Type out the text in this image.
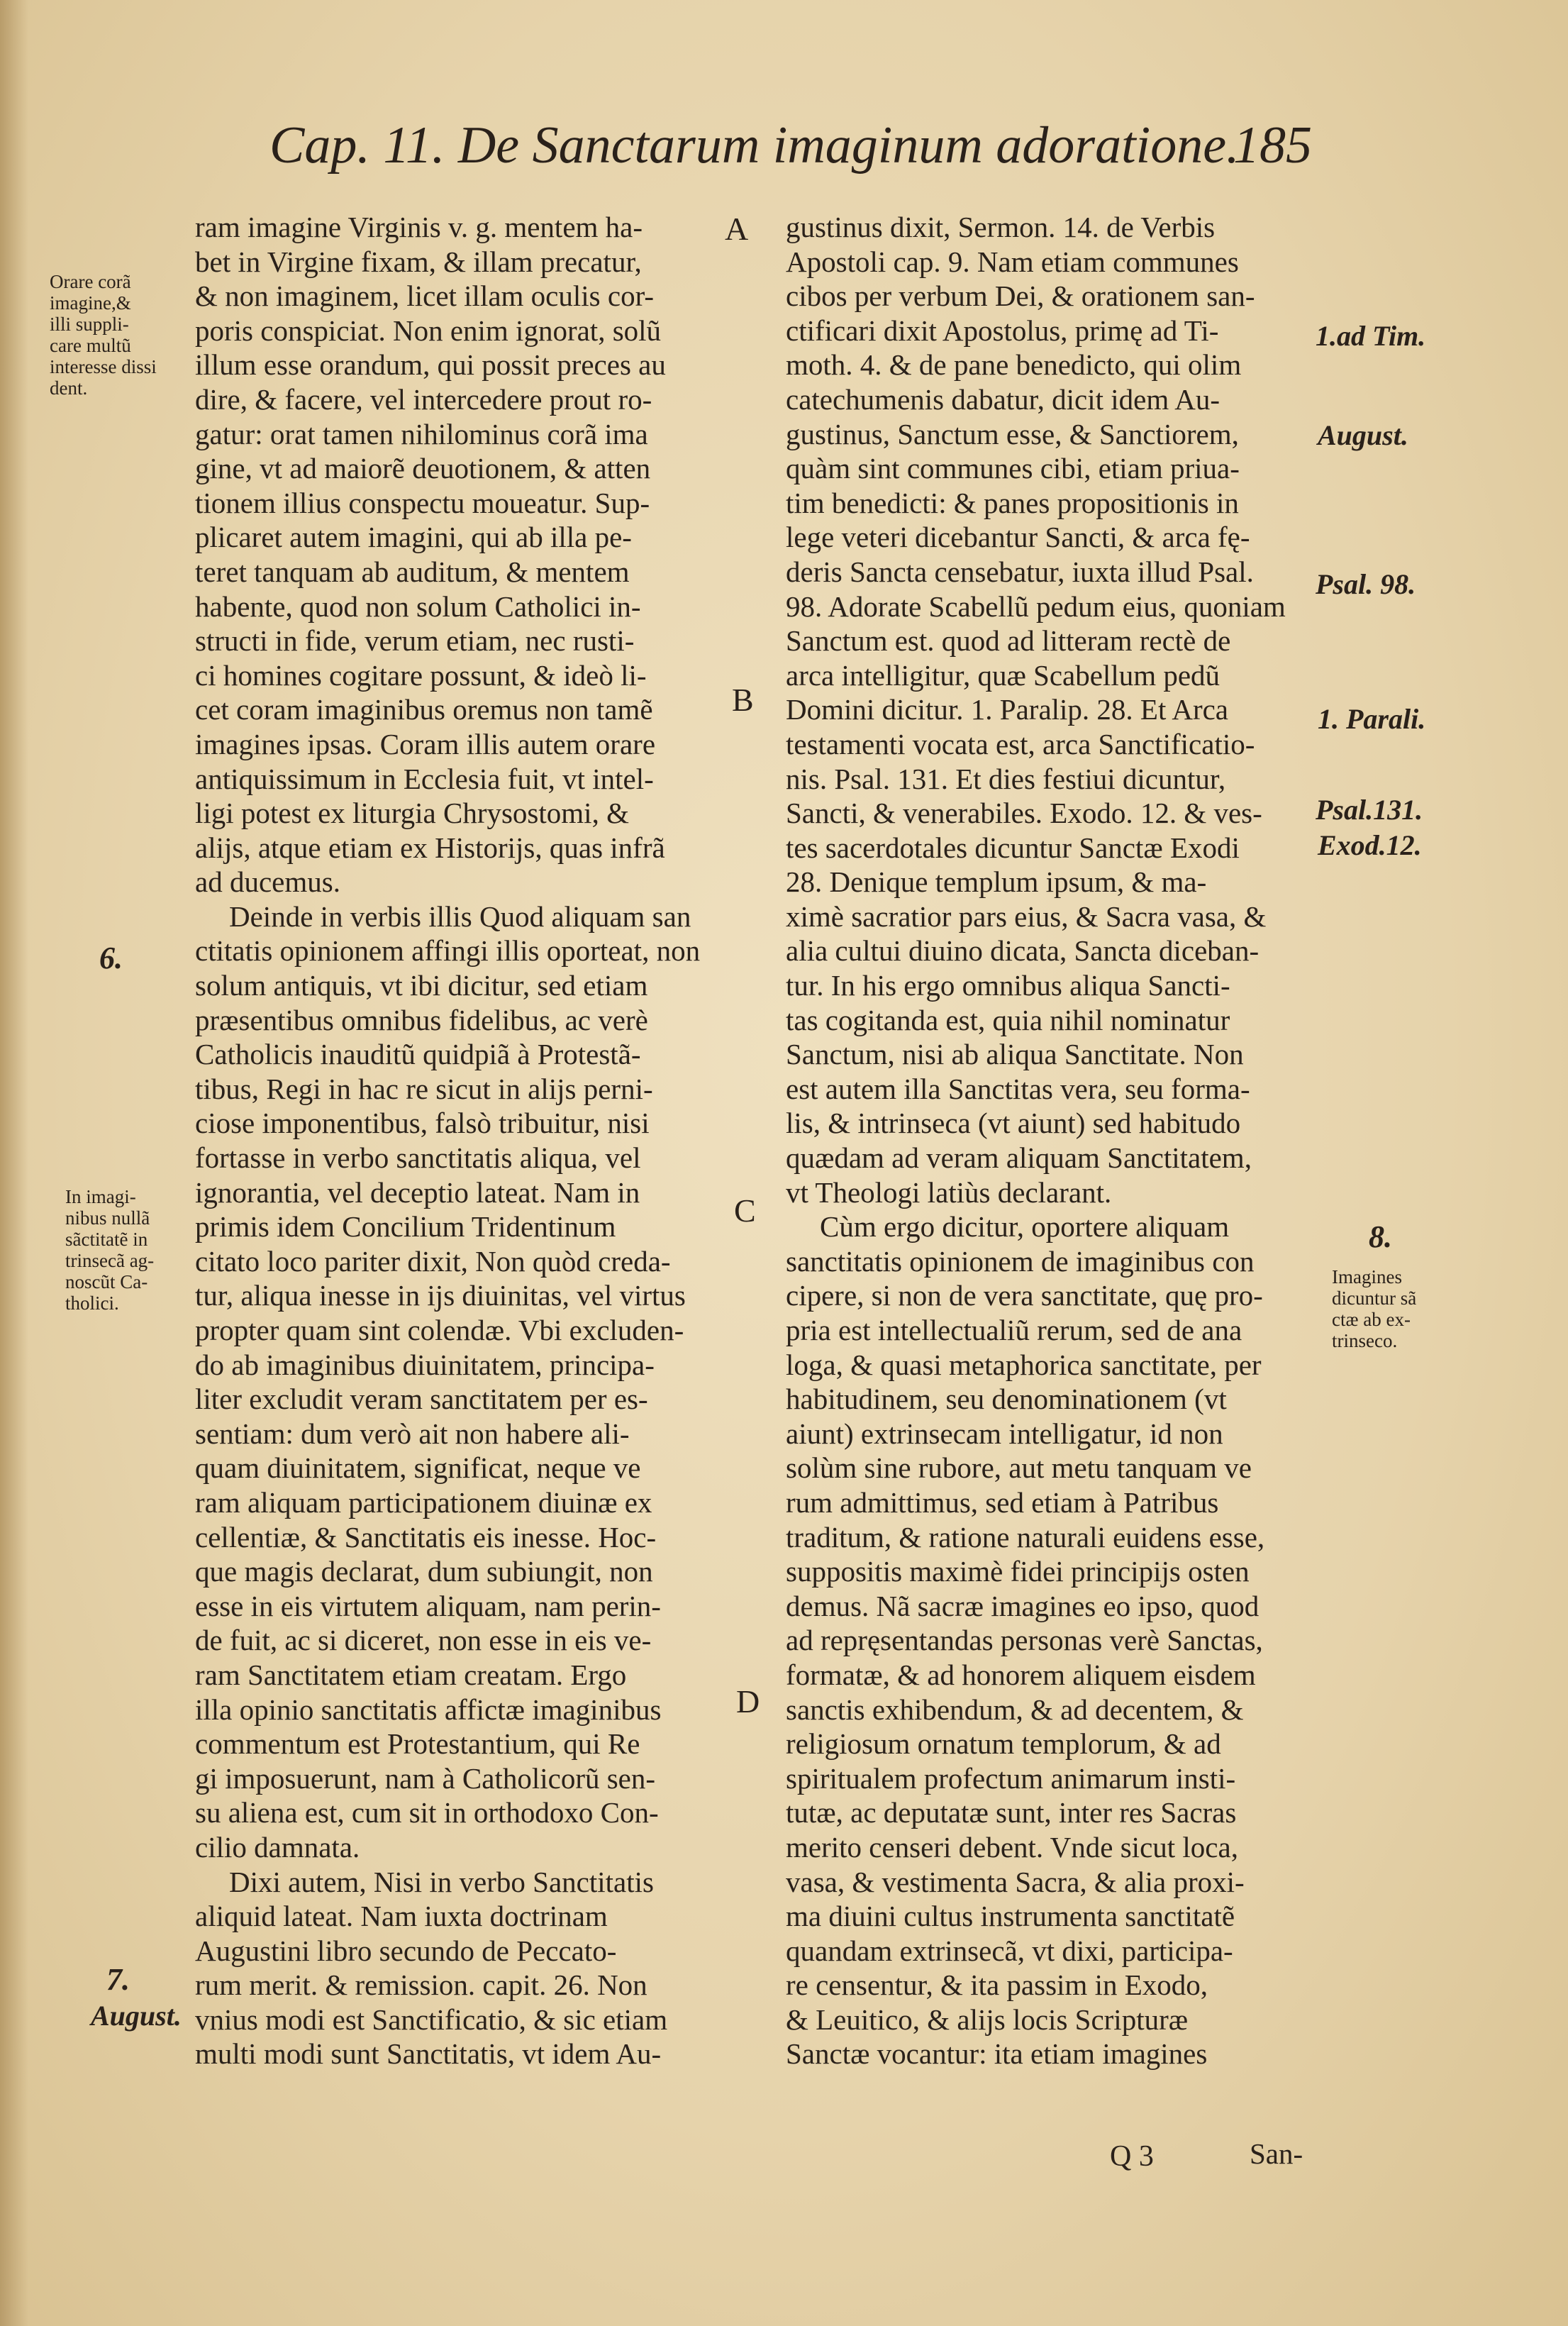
Cap. 11. De Sanctarum imaginum adoratione.
185
A
B
C
D
Orare corã
imagine,&
illi suppli-
care multũ
interesse dissi
dent.
6.
In imagi-
nibus nullã
sãctitatẽ in
trinsecã ag-
noscũt Ca-
tholici.
7.
August.
1.ad Tim.
August.
Psal. 98.
1. Parali.
Psal.131.
Exod.12.
8.
Imagines
dicuntur sã
ctæ ab ex-
trinseco.
ram imagine Virginis v. g. mentem ha-
bet in Virgine fixam, & illam precatur,
& non imaginem, licet illam oculis cor-
poris conspiciat. Non enim ignorat, solũ
illum esse orandum, qui possit preces au
dire, & facere, vel intercedere prout ro-
gatur: orat tamen nihilominus corã ima
gine, vt ad maiorẽ deuotionem, & atten
tionem illius conspectu moueatur. Sup-
plicaret autem imagini, qui ab illa pe-
teret tanquam ab auditum, & mentem
habente, quod non solum Catholici in-
structi in fide, verum etiam, nec rusti-
ci homines cogitare possunt, & ideò li-
cet coram imaginibus oremus non tamẽ
imagines ipsas. Coram illis autem orare
antiquissimum in Ecclesia fuit, vt intel-
ligi potest ex liturgia Chrysostomi, &
alijs, atque etiam ex Historijs, quas infrã
ad ducemus.
Deinde in verbis illis Quod aliquam san
ctitatis opinionem affingi illis oporteat, non
solum antiquis, vt ibi dicitur, sed etiam
præsentibus omnibus fidelibus, ac verè
Catholicis inauditũ quidpiã à Protestã-
tibus, Regi in hac re sicut in alijs perni-
ciose imponentibus, falsò tribuitur, nisi
fortasse in verbo sanctitatis aliqua, vel
ignorantia, vel deceptio lateat. Nam in
primis idem Concilium Tridentinum
citato loco pariter dixit, Non quòd creda-
tur, aliqua inesse in ijs diuinitas, vel virtus
propter quam sint colendæ. Vbi excluden-
do ab imaginibus diuinitatem, principa-
liter excludit veram sanctitatem per es-
sentiam: dum verò ait non habere ali-
quam diuinitatem, significat, neque ve
ram aliquam participationem diuinæ ex
cellentiæ, & Sanctitatis eis inesse. Hoc-
que magis declarat, dum subiungit, non
esse in eis virtutem aliquam, nam perin-
de fuit, ac si diceret, non esse in eis ve-
ram Sanctitatem etiam creatam. Ergo
illa opinio sanctitatis affictæ imaginibus
commentum est Protestantium, qui Re
gi imposuerunt, nam à Catholicorũ sen-
su aliena est, cum sit in orthodoxo Con-
cilio damnata.
Dixi autem, Nisi in verbo Sanctitatis
aliquid lateat. Nam iuxta doctrinam
Augustini libro secundo de Peccato-
rum merit. & remission. capit. 26. Non
vnius modi est Sanctificatio, & sic etiam
multi modi sunt Sanctitatis, vt idem Au-
gustinus dixit, Sermon. 14. de Verbis
Apostoli cap. 9. Nam etiam communes
cibos per verbum Dei, & orationem san-
ctificari dixit Apostolus, primę ad Ti-
moth. 4. & de pane benedicto, qui olim
catechumenis dabatur, dicit idem Au-
gustinus, Sanctum esse, & Sanctiorem,
quàm sint communes cibi, etiam priua-
tim benedicti: & panes propositionis in
lege veteri dicebantur Sancti, & arca fę-
deris Sancta censebatur, iuxta illud Psal.
98. Adorate Scabellũ pedum eius, quoniam
Sanctum est. quod ad litteram rectè de
arca intelligitur, quæ Scabellum pedũ
Domini dicitur. 1. Paralip. 28. Et Arca
testamenti vocata est, arca Sanctificatio-
nis. Psal. 131. Et dies festiui dicuntur,
Sancti, & venerabiles. Exodo. 12. & ves-
tes sacerdotales dicuntur Sanctæ Exodi
28. Denique templum ipsum, & ma-
ximè sacratior pars eius, & Sacra vasa, &
alia cultui diuino dicata, Sancta diceban-
tur. In his ergo omnibus aliqua Sancti-
tas cogitanda est, quia nihil nominatur
Sanctum, nisi ab aliqua Sanctitate. Non
est autem illa Sanctitas vera, seu forma-
lis, & intrinseca (vt aiunt) sed habitudo
quædam ad veram aliquam Sanctitatem,
vt Theologi latiùs declarant.
Cùm ergo dicitur, oportere aliquam
sanctitatis opinionem de imaginibus con
cipere, si non de vera sanctitate, quę pro-
pria est intellectualiũ rerum, sed de ana
loga, & quasi metaphorica sanctitate, per
habitudinem, seu denominationem (vt
aiunt) extrinsecam intelligatur, id non
solùm sine rubore, aut metu tanquam ve
rum admittimus, sed etiam à Patribus
traditum, & ratione naturali euidens esse,
suppositis maximè fidei principijs osten
demus. Nã sacræ imagines eo ipso, quod
ad repręsentandas personas verè Sanctas,
formatæ, & ad honorem aliquem eisdem
sanctis exhibendum, & ad decentem, &
religiosum ornatum templorum, & ad
spiritualem profectum animarum insti-
tutæ, ac deputatæ sunt, inter res Sacras
merito censeri debent. Vnde sicut loca,
vasa, & vestimenta Sacra, & alia proxi-
ma diuini cultus instrumenta sanctitatẽ
quandam extrinsecã, vt dixi, participa-
re censentur, & ita passim in Exodo,
& Leuitico, & alijs locis Scripturæ
Sanctæ vocantur: ita etiam imagines
Q 3	San-
